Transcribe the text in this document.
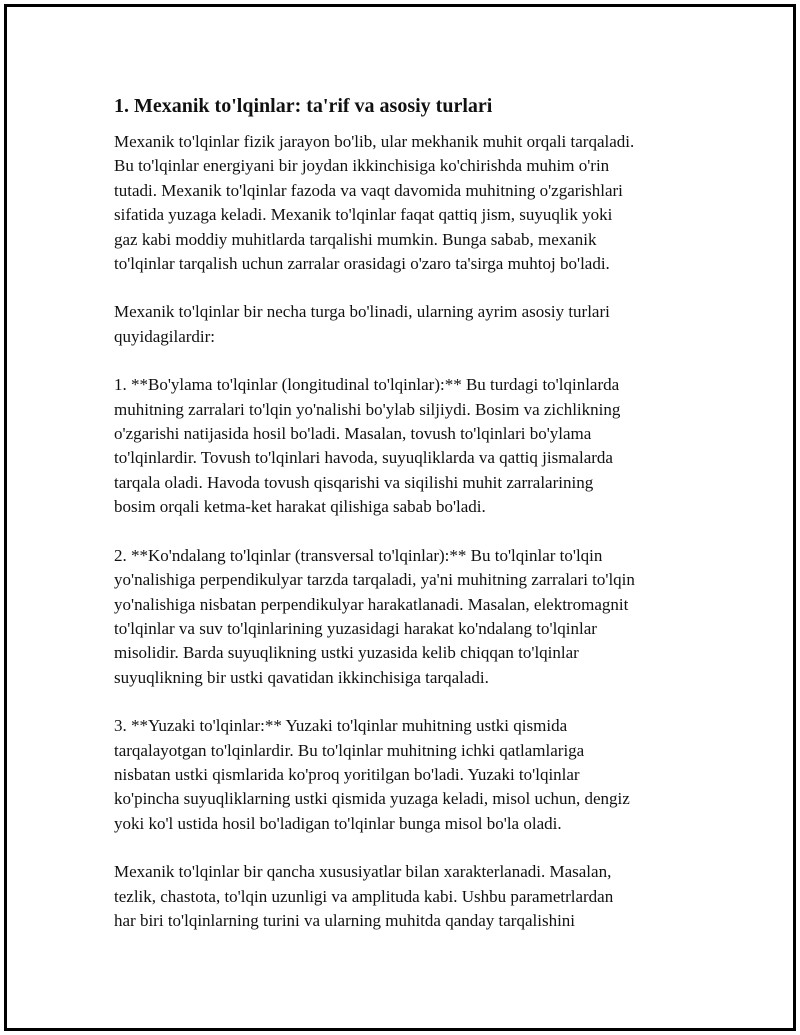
1. Mexanik to'lqinlar: ta'rif va asosiy turlari

Mexanik to'lqinlar fizik jarayon bo'lib, ular mekhanik muhit orqali tarqaladi.
Bu to'lqinlar energiyani bir joydan ikkinchisiga ko'chirishda muhim o'rin
tutadi. Mexanik to'lqinlar fazoda va vaqt davomida muhitning o'zgarishlari
sifatida yuzaga keladi. Mexanik to'lqinlar faqat qattiq jism, suyuqlik yoki
gaz kabi moddiy muhitlarda tarqalishi mumkin. Bunga sabab, mexanik
to'lqinlar tarqalish uchun zarralar orasidagi o'zaro ta'sirga muhtoj bo'ladi.

Mexanik to'lqinlar bir necha turga bo'linadi, ularning ayrim asosiy turlari
quyidagilardir:

1. **Bo'ylama to'lqinlar (longitudinal to'lqinlar):** Bu turdagi to'lqinlarda
muhitning zarralari to'lqin yo'nalishi bo'ylab siljiydi. Bosim va zichlikning
o'zgarishi natijasida hosil bo'ladi. Masalan, tovush to'lqinlari bo'ylama
to'lqinlardir. Tovush to'lqinlari havoda, suyuqliklarda va qattiq jismalarda
tarqala oladi. Havoda tovush qisqarishi va siqilishi muhit zarralarining
bosim orqali ketma-ket harakat qilishiga sabab bo'ladi.

2. **Ko'ndalang to'lqinlar (transversal to'lqinlar):** Bu to'lqinlar to'lqin
yo'nalishiga perpendikulyar tarzda tarqaladi, ya'ni muhitning zarralari to'lqin
yo'nalishiga nisbatan perpendikulyar harakatlanadi. Masalan, elektromagnit
to'lqinlar va suv to'lqinlarining yuzasidagi harakat ko'ndalang to'lqinlar
misolidir. Barda suyuqlikning ustki yuzasida kelib chiqqan to'lqinlar
suyuqlikning bir ustki qavatidan ikkinchisiga tarqaladi.

3. **Yuzaki to'lqinlar:** Yuzaki to'lqinlar muhitning ustki qismida
tarqalayotgan to'lqinlardir. Bu to'lqinlar muhitning ichki qatlamlariga
nisbatan ustki qismlarida ko'proq yoritilgan bo'ladi. Yuzaki to'lqinlar
ko'pincha suyuqliklarning ustki qismida yuzaga keladi, misol uchun, dengiz
yoki ko'l ustida hosil bo'ladigan to'lqinlar bunga misol bo'la oladi.

Mexanik to'lqinlar bir qancha xususiyatlar bilan xarakterlanadi. Masalan,
tezlik, chastota, to'lqin uzunligi va amplituda kabi. Ushbu parametrlardan
har biri to'lqinlarning turini va ularning muhitda qanday tarqalishini
